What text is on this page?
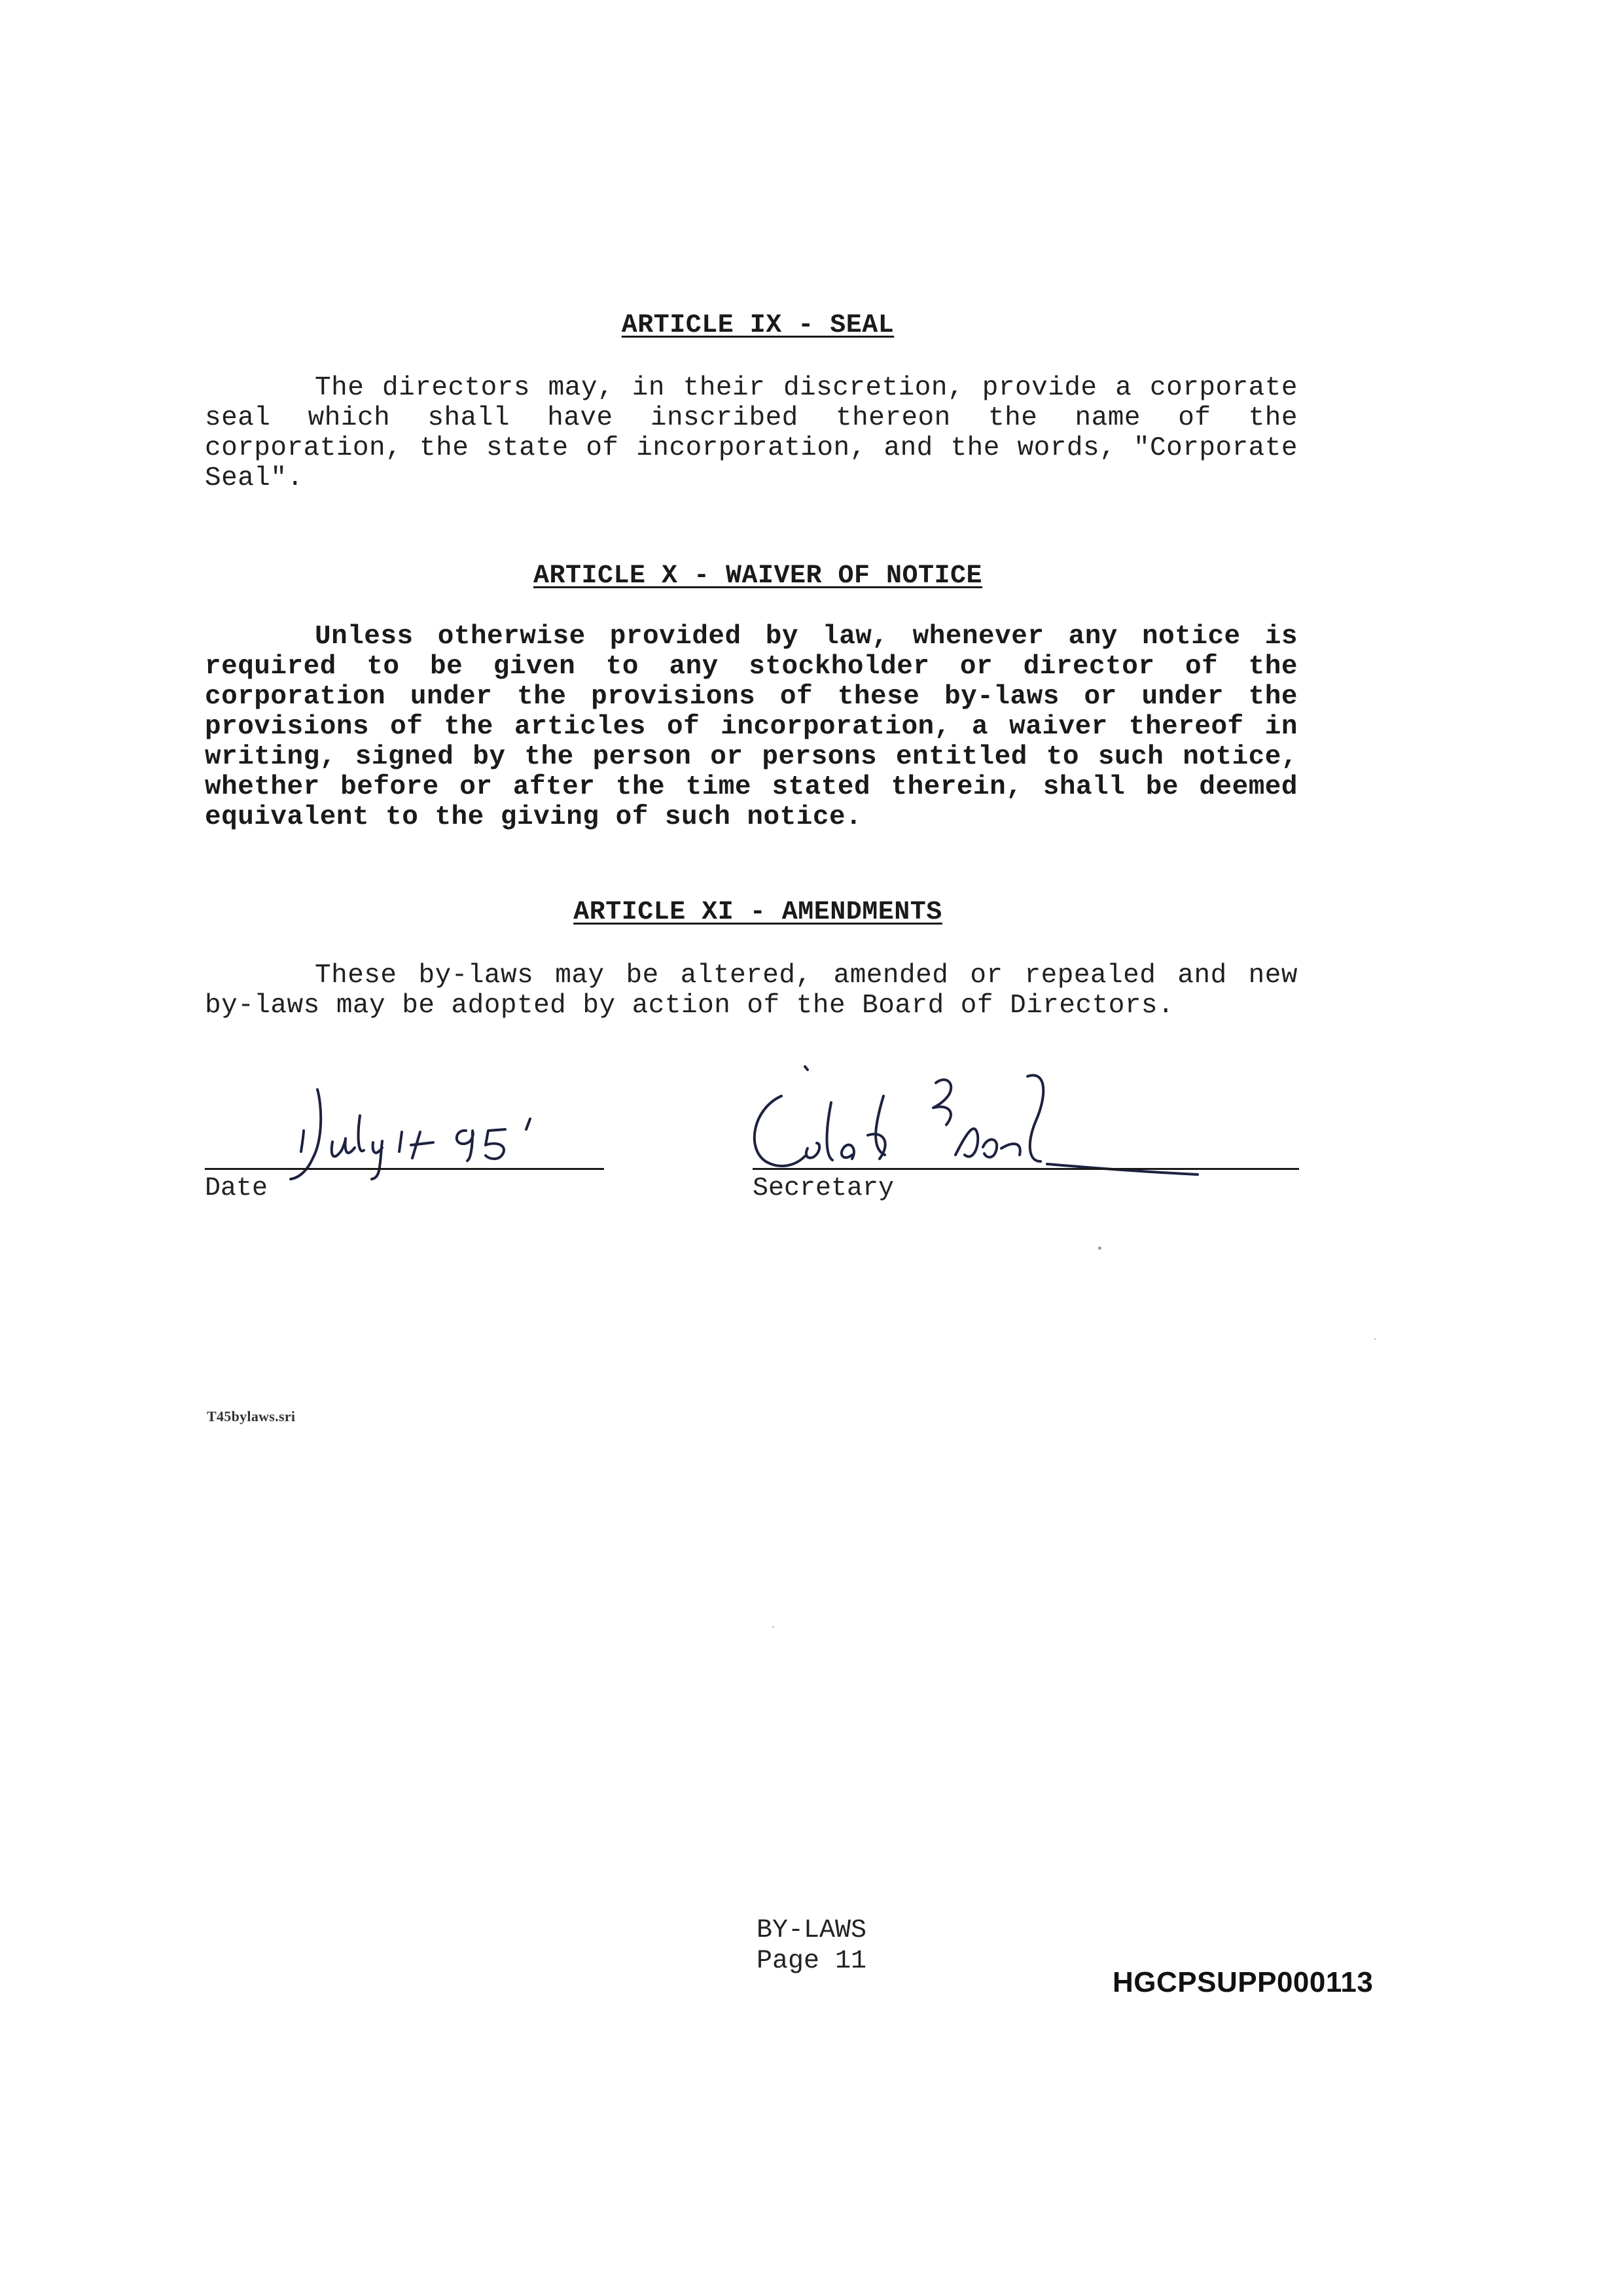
ARTICLE IX - SEAL
The directors may, in their discretion, provide a corporate seal which shall have inscribed thereon the name of the corporation, the state of incorporation, and the words, "Corporate Seal".
ARTICLE X - WAIVER OF NOTICE
Unless otherwise provided by law, whenever any notice is required to be given to any stockholder or director of the corporation under the provisions of these by-laws or under the provisions of the articles of incorporation, a waiver thereof in writing, signed by the person or persons entitled to such notice, whether before or after the time stated therein, shall be deemed equivalent to the giving of such notice.
ARTICLE XI - AMENDMENTS
These by-laws may be altered, amended or repealed and new by-laws may be adopted by action of the Board of Directors.
Date	Secretary
T45bylaws.sri
BY-LAWS
Page 11
HGCPSUPP000113
